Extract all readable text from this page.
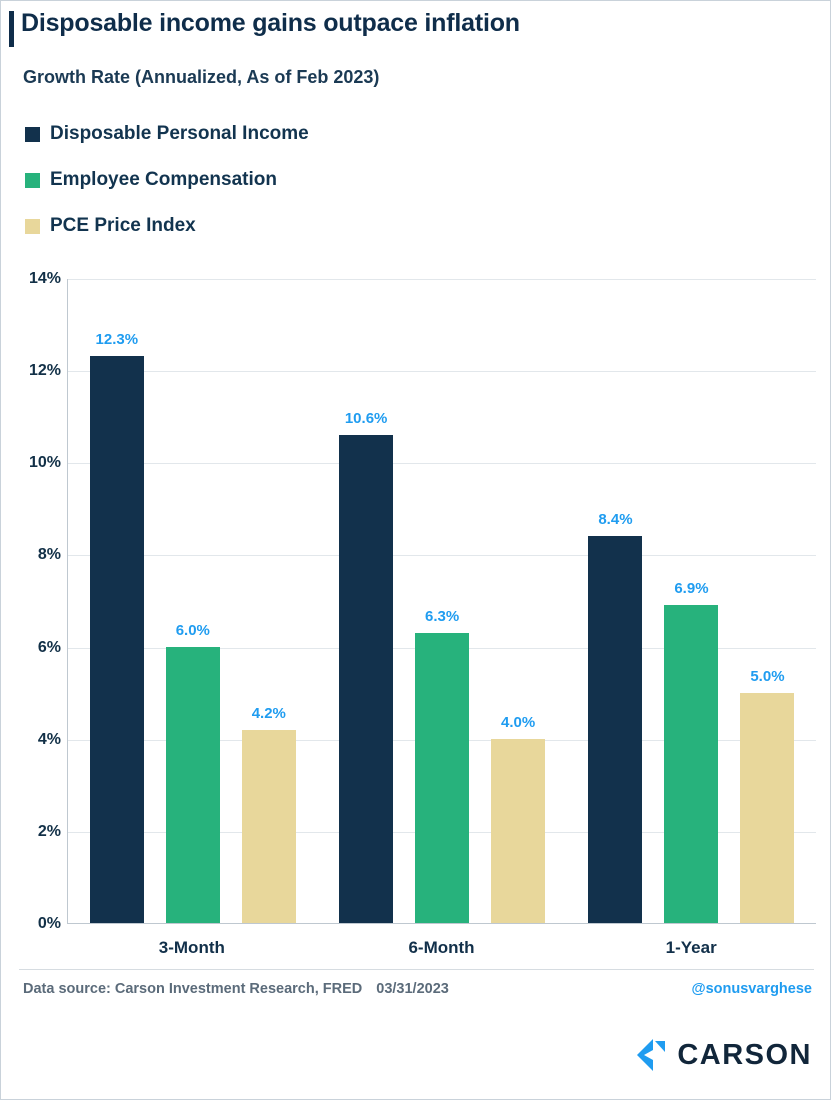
Disposable income gains outpace inflation
Growth Rate (Annualized, As of Feb 2023)
Disposable Personal Income
Employee Compensation
PCE Price Index
0%
2%
4%
6%
8%
10%
12%
14%
12.3%
6.0%
4.2%
10.6%
6.3%
4.0%
8.4%
6.9%
5.0%
3-Month	6-Month	1-Year
Data source: Carson Investment Research, FRED 03/31/2023	@sonusvarghese
CARSON
